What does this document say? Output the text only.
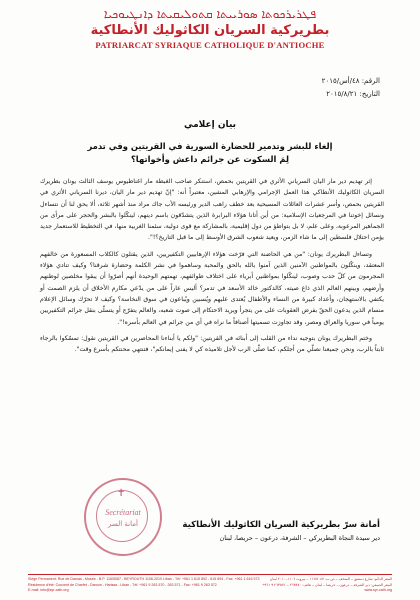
ܦܛܪܝܪܟܘܬܐ ܣܘܪܝܝܬܐ ܩܬܘܠܝܩܝܬܐ ܕܐܢܛܝܘܟܝܐ
بطريركية السريان الكاثوليك الأنطاكية
PATRIARCAT SYRIAQUE CATHOLIQUE D'ANTIOCHE
الرقم: ٤٨/أس/٢٠١٥
التاريخ: ٢٠١٥/٨/٢١
بيان إعلامي
إلغاء للبشر وتدمير للحضارة السورية في القريتين وفي تدمر
لِمَ السكوت عن جرائم داعش وأخواتها؟

إثر تهديم دير مار اليان السرياني الأثري في القريتين بحمص، استنكر صاحب الغبطة مار اغناطيوس يوسف الثالث يونان بطريرك السريان الكاثوليك الأنطاكي هذا العمل الإجرامي والإرهابي المشين، معتبراً أنه: "إنّ تهديم دير مار اليان، ديرنا السرياني الأثري في القريتين بحمص، وأسر عشرات العائلات المسيحية بعد خطف راهب الدير ورئيسه الأب جاك مراد منذ أشهر ثلاثة، ألا يحق لنا أن نتساءل ونسائل إخوتنا في المرجعيات الإسلامية: من أين أتانا هؤلاء البرابرة الذين يتشدّقون باسم دينهم، لينكّلوا بالبشر والحجر على مرأى من الجماهير المرعوبة، وعلى علم، لا بل بتواطؤ من دول إقليمية، بالمشاركة مع قوى دولية، سئمنا الغربية منها، في التخطيط للاستعمار جديد يؤمن احتلال فلسطين إلى ما شاء الزمن، ويعيد شعوب الشرق الأوسط إلى ما قبل التاريخ؟!".

وتساءل البطريرك يونان: "من هي الحاضنة التي فرّخت هؤلاء الإرهابيين التكفيريين، الذين يقتلون كالكلاب المسعورة من خالفهم المعتقد، وينكّلون بالمواطنين الآمنين الذين آمنوا بالله بالحق والمحبة وساهموا في نشر الكلمة وحضارة شرقنا؟ وكيف تنادي هؤلاء المجرمون من كلّ حدب وصوب، لينكّلوا بمواطنين أبرياء على اختلاف طوائفهم، تهمتهم الوحيدة أنهم أصرّوا أن يبقوا مخلصين لوطنهم وأرضهم، وبينهم العالم الذي ذاع صيته، كالدكتور خالد الأسعد في تدمر؟ أليس عاراً على من يدّعي مكارم الأخلاق أن يلزم الصمت أو يكتفي بالاستهجان، وأعداد كبيرة من النساء والأطفال يُعتدى عليهم ويُسبين ويُباعون في سوق النخاسة؟ وكيف لا تحرّك وسائل الإعلام منسام الذين يدعون الحقّ بفرض العقوبات على من يتجرأ ويريد الاحتكام إلى صوت شعبه، والعالم يتفرّج أو يتسلّى بنقل جرائم التكفيريين يومياً في سوريا والعراق ومصر، وقد تجاوزت تسميتها أصنافاً ما نراه في أي من جرائم في العالم بأسره!".

وختم البطريرك يونان بتوجيه نداء من القلب إلى أبنائه في القريتين: "ولكم يا أبناءنا المحاصرين في القريتين نقول: تمسّكوا بالرجاء ثابتاً بالرب، ونحن جميعنا نصلّي من أجلكم، كما صلّى الرب لأجل تلاميذه كي لا يفنى إيمانكم"، فتنتهي محنتكم بأسرع وقت".

✝
Secrétariat
أمانة السر	أمانة سرّ بطريركية السريان الكاثوليك الأنطاكية
دير سيدة النجاة البطريركي – الشرفة، درعون – حريصا، لبنان
Siège Permanent: Rue de Damas - Musée - B.P. 116/5087 - BEYROUTH 1106-2010 Liban - Tél: +961 1 615 892 - 615 894 - Fax: +961 1 616 573	المقر الدائم: شارع دمشق – المتحف – ص.ب: ١١٦/٥٠٨٧ – بيروت ١١٠٦–٢٠١٠ لبنان
Résidence d'été: Couvent de Charfet - Daroun - Harissa - Liban - Tél: +961 9 263 570 - 263 571 - Fax: +961 9 263 572	المقر الصيفي: دير الشرفة – درعون – حريصا – لبنان – هاتف: ٢٦٣٥٧٠ – ٢٦٣٥٧١ ٩ ٩٦١+
E-mail: info@syr-cath.org	www.syr-cath.org
